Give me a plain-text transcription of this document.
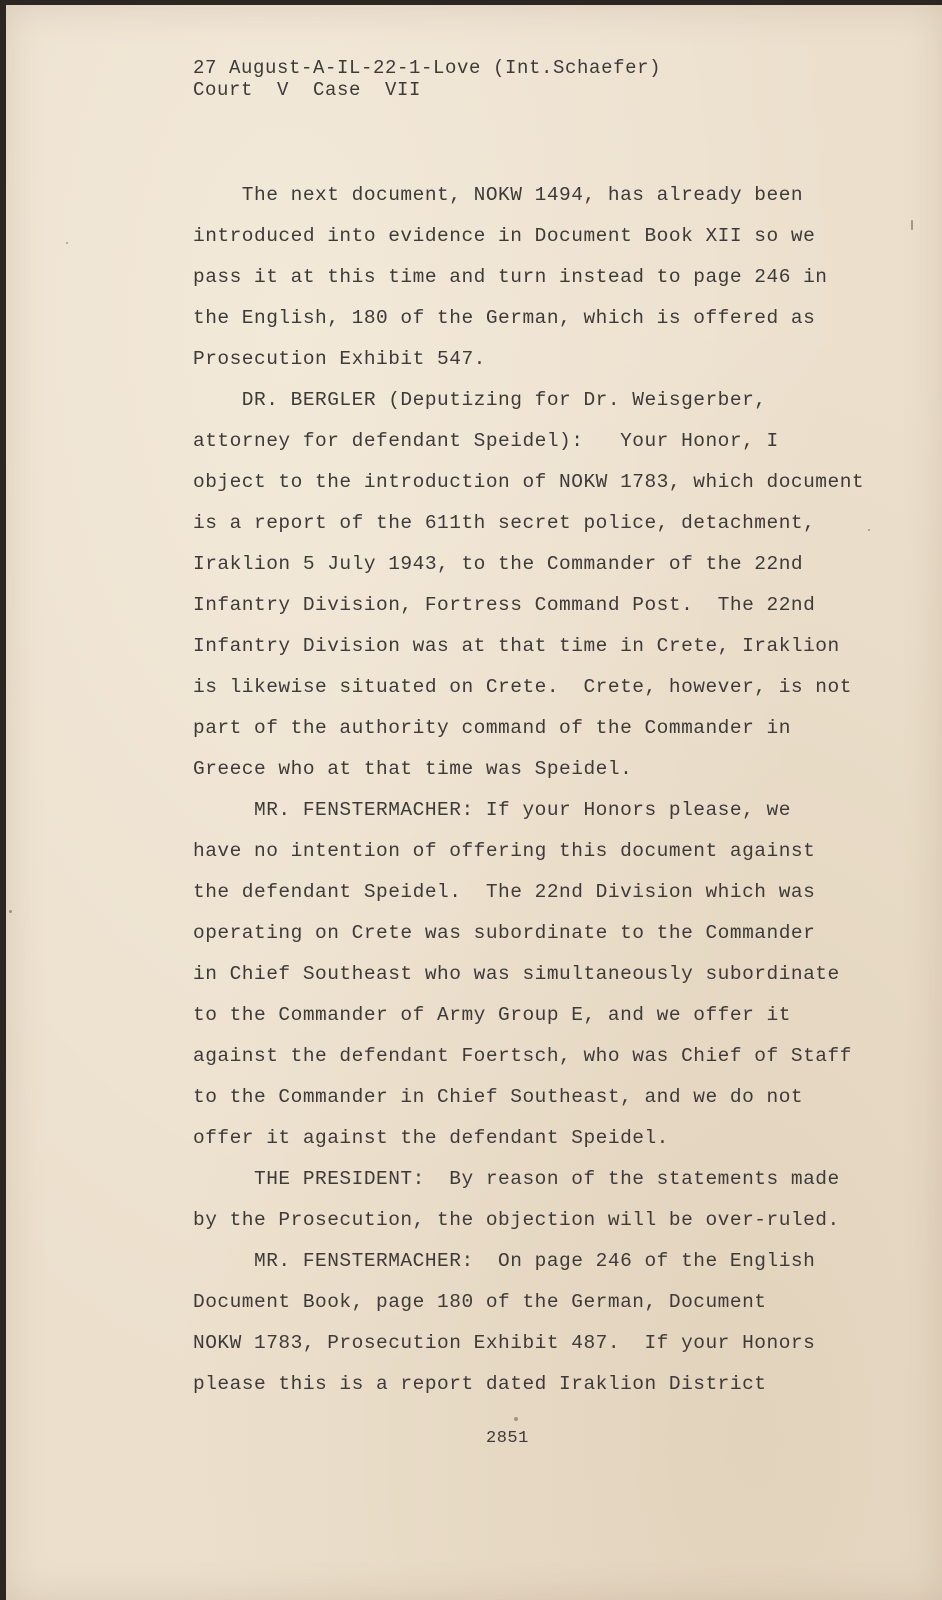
27 August-A-IL-22-1-Love (Int.Schaefer)
Court  V  Case  VII
The next document, NOKW 1494, has already been
introduced into evidence in Document Book XII so we
pass it at this time and turn instead to page 246 in
the English, 180 of the German, which is offered as
Prosecution Exhibit 547.
DR. BERGLER (Deputizing for Dr. Weisgerber,
attorney for defendant Speidel):   Your Honor, I
object to the introduction of NOKW 1783, which document
is a report of the 611th secret police, detachment,
Iraklion 5 July 1943, to the Commander of the 22nd
Infantry Division, Fortress Command Post.  The 22nd
Infantry Division was at that time in Crete, Iraklion
is likewise situated on Crete.  Crete, however, is not
part of the authority command of the Commander in
Greece who at that time was Speidel.
MR. FENSTERMACHER: If your Honors please, we
have no intention of offering this document against
the defendant Speidel.  The 22nd Division which was
operating on Crete was subordinate to the Commander
in Chief Southeast who was simultaneously subordinate
to the Commander of Army Group E, and we offer it
against the defendant Foertsch, who was Chief of Staff
to the Commander in Chief Southeast, and we do not
offer it against the defendant Speidel.
THE PRESIDENT:  By reason of the statements made
by the Prosecution, the objection will be over-ruled.
MR. FENSTERMACHER:  On page 246 of the English
Document Book, page 180 of the German, Document
NOKW 1783, Prosecution Exhibit 487.  If your Honors
please this is a report dated Iraklion District
2851
